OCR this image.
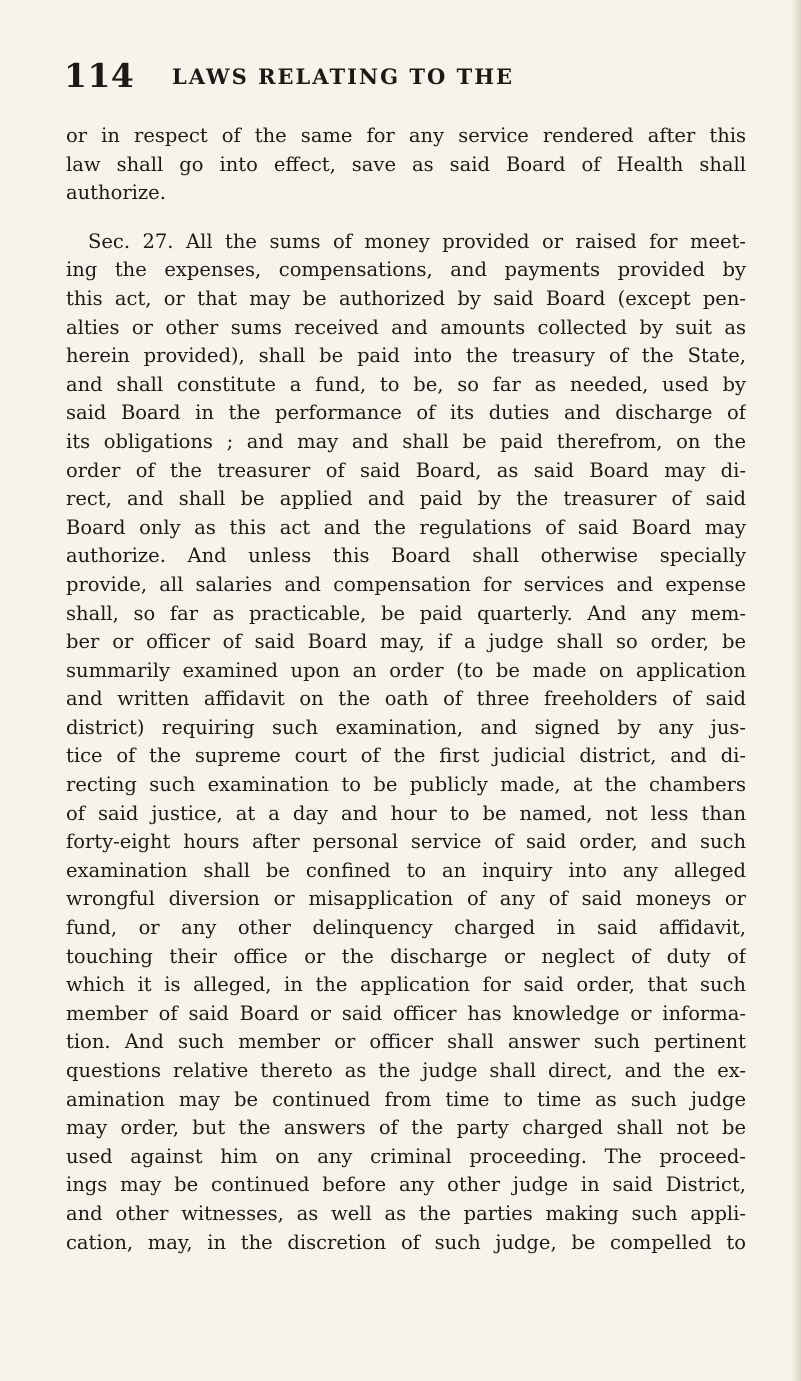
114 LAWS RELATING TO THE
or in respect of the same for any service rendered after this
law shall go into effect, save as said Board of Health shall
authorize.
Sec. 27. All the sums of money provided or raised for meet-
ing the expenses, compensations, and payments provided by
this act, or that may be authorized by said Board (except pen-
alties or other sums received and amounts collected by suit as
herein provided), shall be paid into the treasury of the State,
and shall constitute a fund, to be, so far as needed, used by
said Board in the performance of its duties and discharge of
its obligations ; and may and shall be paid therefrom, on the
order of the treasurer of said Board, as said Board may di-
rect, and shall be applied and paid by the treasurer of said
Board only as this act and the regulations of said Board may
authorize. And unless this Board shall otherwise specially
provide, all salaries and compensation for services and expense
shall, so far as practicable, be paid quarterly. And any mem-
ber or officer of said Board may, if a judge shall so order, be
summarily examined upon an order (to be made on application
and written affidavit on the oath of three freeholders of said
district) requiring such examination, and signed by any jus-
tice of the supreme court of the first judicial district, and di-
recting such examination to be publicly made, at the chambers
of said justice, at a day and hour to be named, not less than
forty-eight hours after personal service of said order, and such
examination shall be confined to an inquiry into any alleged
wrongful diversion or misapplication of any of said moneys or
fund, or any other delinquency charged in said affidavit,
touching their office or the discharge or neglect of duty of
which it is alleged, in the application for said order, that such
member of said Board or said officer has knowledge or informa-
tion. And such member or officer shall answer such pertinent
questions relative thereto as the judge shall direct, and the ex-
amination may be continued from time to time as such judge
may order, but the answers of the party charged shall not be
used against him on any criminal proceeding. The proceed-
ings may be continued before any other judge in said District,
and other witnesses, as well as the parties making such appli-
cation, may, in the discretion of such judge, be compelled to
